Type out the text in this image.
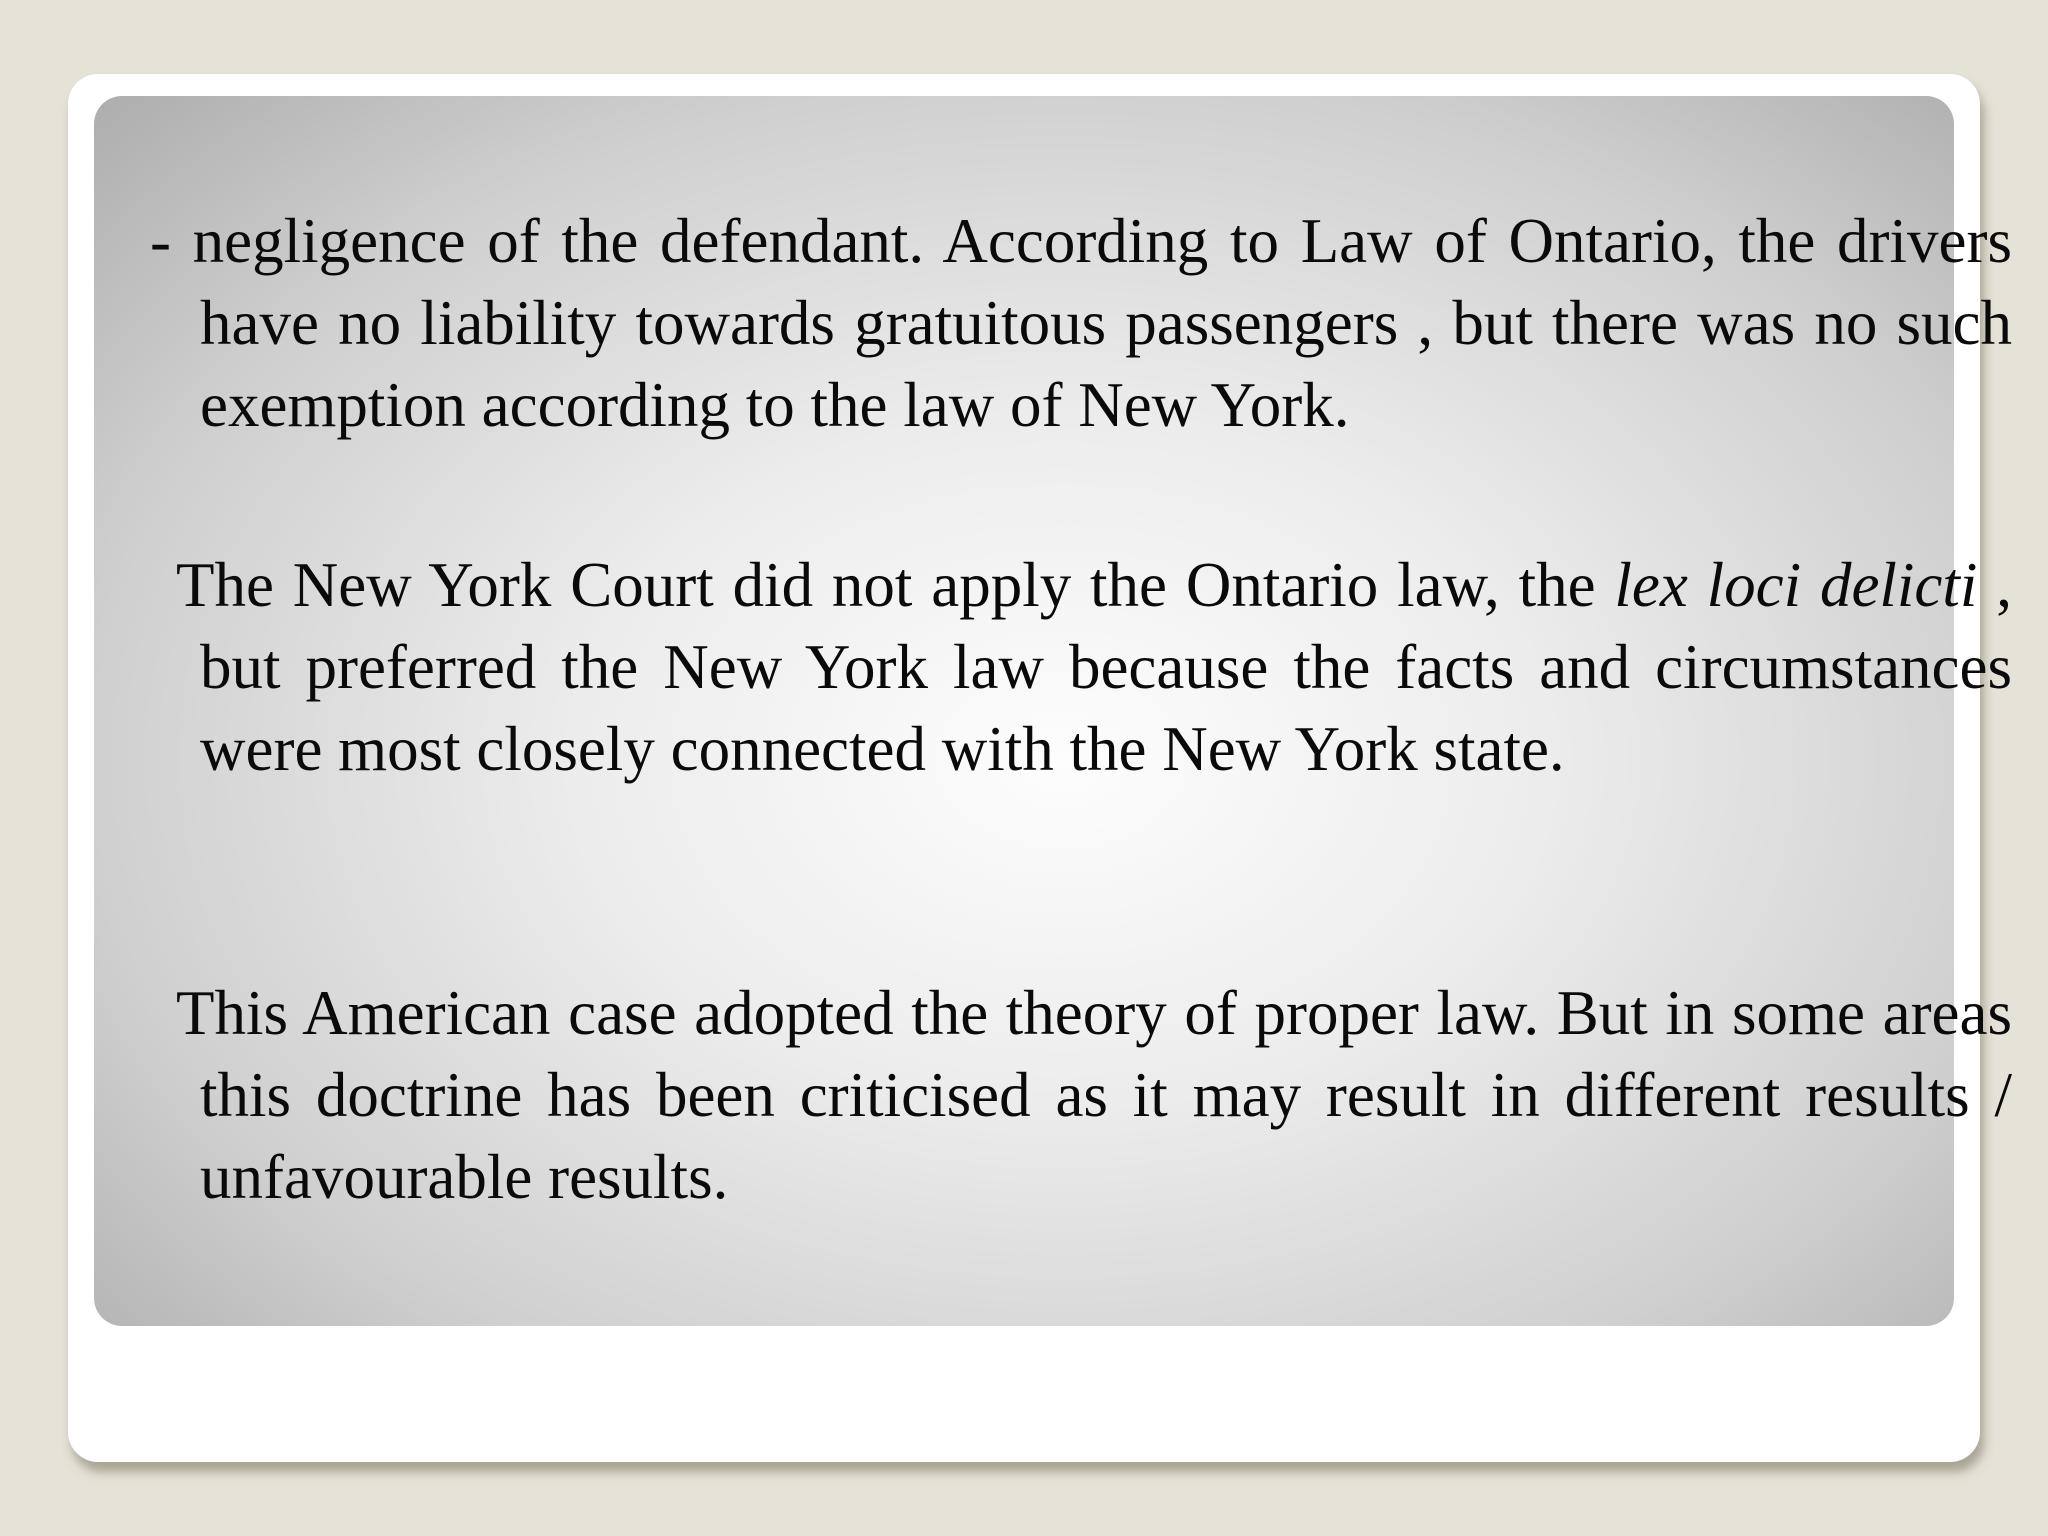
- negligence of the defendant. According to Law of Ontario, the drivers have no liability towards gratuitous passengers , but there was no such exemption according to the law of New York.

The New York Court did not apply the Ontario law, the lex loci delicti , but preferred the New York law because the facts and circumstances were most closely connected with the New York state.

This American case adopted the theory of proper law. But in some areas this doctrine has been criticised as it may result in different results / unfavourable results.
